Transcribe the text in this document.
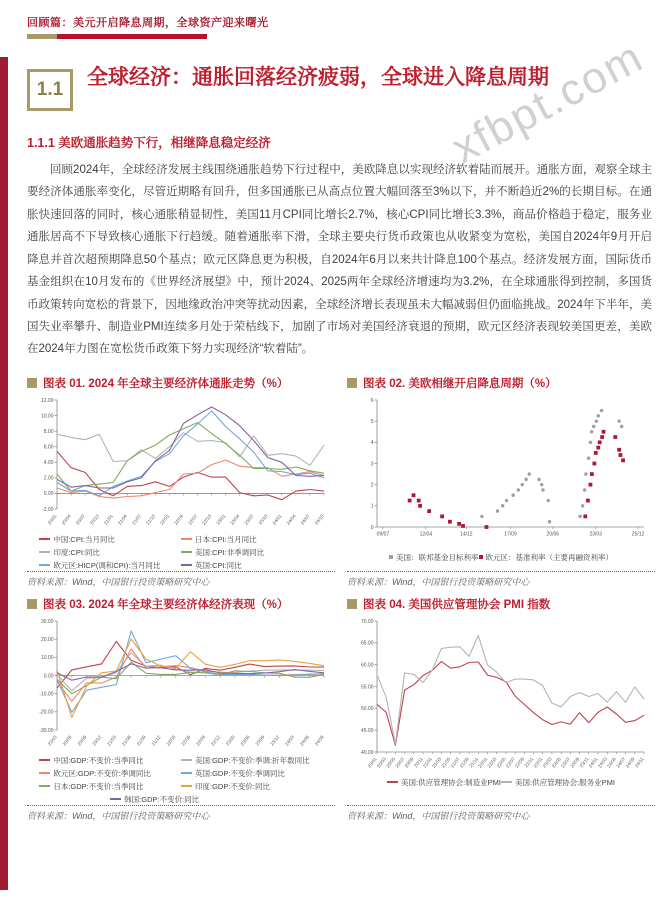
xfbpt.com
回顾篇：美元开启降息周期，全球资产迎来曙光
1.1
全球经济：通胀回落经济疲弱，全球进入降息周期
1.1.1 美欧通胀趋势下行，相继降息稳定经济
回顾2024年，全球经济发展主线围绕通胀趋势下行过程中，美欧降息以实现经济软着陆而展开。通胀方面，观察全球主要经济体通胀率变化，尽管近期略有回升，但多国通胀已从高点位置大幅回落至3%以下，并不断趋近2%的长期目标。在通胀快速回落的同时，核心通胀稍显韧性，美国11月CPI同比增长2.7%，核心CPI同比增长3.3%，商品价格趋于稳定，服务业通胀居高不下导致核心通胀下行趋缓。随着通胀率下滑，全球主要央行货币政策也从收紧变为宽松，美国自2024年9月开启降息并首次超预期降息50个基点；欧元区降息更为积极，自2024年6月以来共计降息100个基点。经济发展方面，国际货币基金组织在10月发布的《世界经济展望》中，预计2024、2025两年全球经济增速均为3.2%，在全球通胀得到控制，多国货币政策转向宽松的背景下，因地缘政治冲突等扰动因素，全球经济增长表现虽未大幅减弱但仍面临挑战。2024年下半年，美国失业率攀升、制造业PMI连续多月处于荣枯线下，加剧了市场对美国经济衰退的预期，欧元区经济表现较美国更差，美欧在2024年力图在宽松货币政策下努力实现经济“软着陆”。
图表 01. 2024 年全球主要经济体通胀走势（%）
-2.00
0.00
2.00
4.00
6.00
8.00
10.00
12.00
20/01 20/04 20/07 20/10 21/01 21/04 21/07 21/10 22/01 22/04 22/07 22/10 23/01 23/04 23/07 23/10 24/01 24/04 24/07 24/10
中国:CPI:当月同比	日本:CPI:当月同比
印度:CPI:同比	美国:CPI:非季调同比
欧元区:HICP(调和CPI):当月同比	英国:CPI:同比
资料来源：Wind，中国银行投资策略研究中心
图表 02. 美欧相继开启降息周期（%）
0
1
2
3
4
5
6
09/07	12/04	14/12	17/09	20/06	23/03	25/12
美国：联邦基金目标利率 欧元区：基准利率（主要再融资利率）
资料来源：Wind，中国银行投资策略研究中心
图表 03. 2024 年全球主要经济体经济表现（%）
-30.00
-20.00
-10.00
0.00
10.00
20.00
30.00
20/03 20/06 20/09 20/12 21/03 21/06 21/09 21/12 22/03 22/06 22/09 22/12 23/03 23/06 23/09 23/12 24/03 24/06 24/09
中国:GDP:不变价:当季同比	美国:GDP:不变价:季调:折年数同比
欧元区:GDP:不变价:季调同比	英国:GDP:不变价:季调同比
日本:GDP:不变价:当季同比	印度:GDP:不变价:同比
韩国:GDP:不变价:同比
资料来源：Wind，中国银行投资策略研究中心
图表 04. 美国供应管理协会 PMI 指数
40.00
45.00
50.00
55.00
60.00
65.00
70.00
20/01
20/03
20/05
20/07
20/09
20/11
21/01
21/03
21/05
21/07
21/09
21/11
22/01
22/03
22/05
22/07
22/09
22/11
23/01
23/03
23/05
23/07
23/09
23/11
24/01
24/03
24/05
24/07
24/09
24/11
美国:供应管理协会:制造业PMI 美国:供应管理协会:服务业PMI
资料来源：Wind，中国银行投资策略研究中心
